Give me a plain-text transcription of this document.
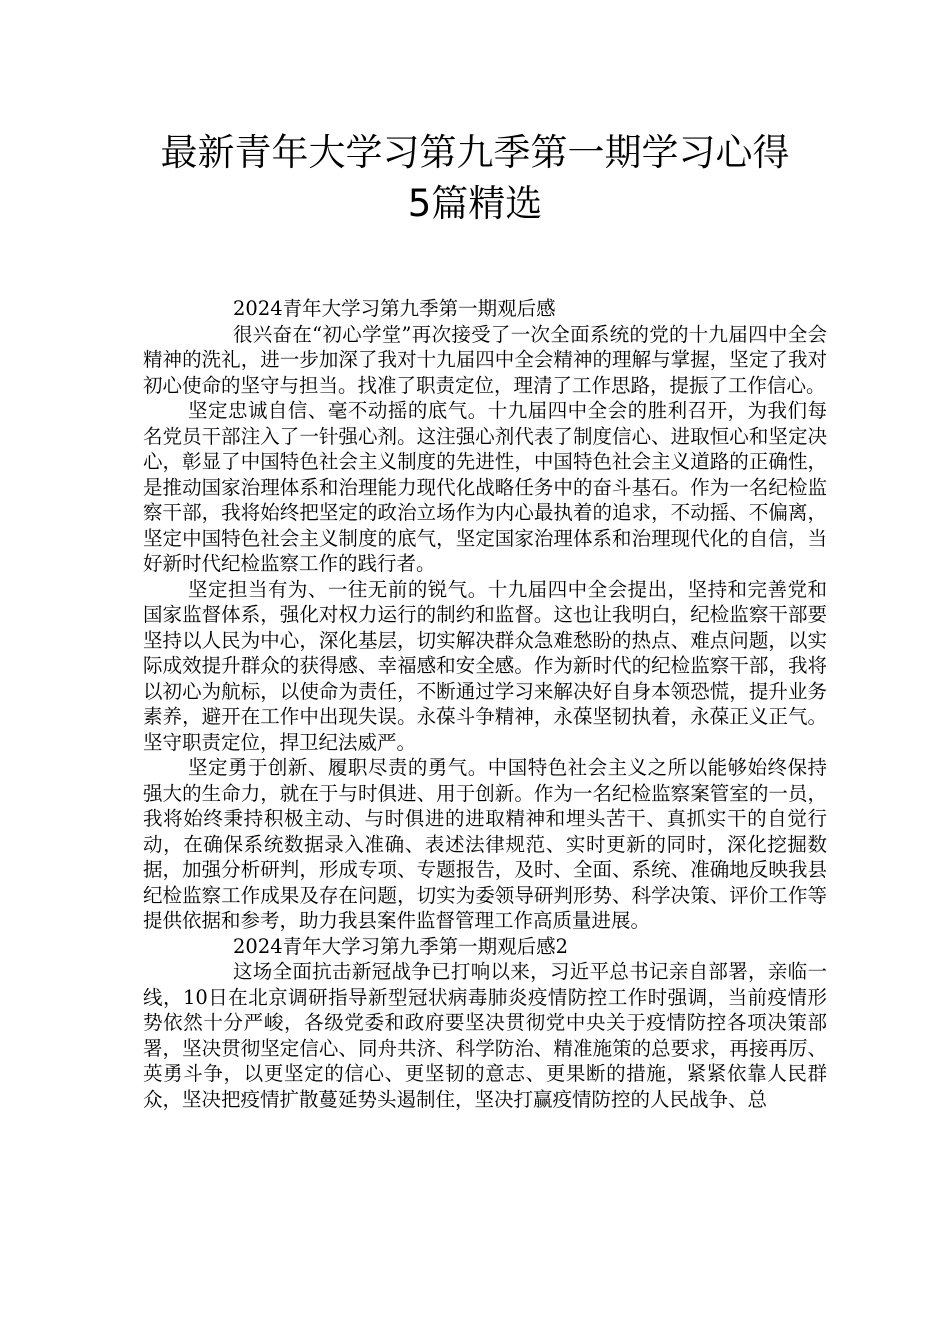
最新青年大学习第九季第一期学习心得
5篇精选

2024青年大学习第九季第一期观后感

很兴奋在“初心学堂”再次接受了一次全面系统的党的十九届四中全会精神的洗礼，进一步加深了我对十九届四中全会精神的理解与掌握，坚定了我对初心使命的坚守与担当。找准了职责定位，理清了工作思路，提振了工作信心。

坚定忠诚自信、毫不动摇的底气。十九届四中全会的胜利召开，为我们每名党员干部注入了一针强心剂。这注强心剂代表了制度信心、进取恒心和坚定决心，彰显了中国特色社会主义制度的先进性，中国特色社会主义道路的正确性，是推动国家治理体系和治理能力现代化战略任务中的奋斗基石。作为一名纪检监察干部，我将始终把坚定的政治立场作为内心最执着的追求，不动摇、不偏离，坚定中国特色社会主义制度的底气，坚定国家治理体系和治理现代化的自信，当好新时代纪检监察工作的践行者。

坚定担当有为、一往无前的锐气。十九届四中全会提出，坚持和完善党和国家监督体系，强化对权力运行的制约和监督。这也让我明白，纪检监察干部要坚持以人民为中心，深化基层，切实解决群众急难愁盼的热点、难点问题，以实际成效提升群众的获得感、幸福感和安全感。作为新时代的纪检监察干部，我将以初心为航标，以使命为责任，不断通过学习来解决好自身本领恐慌，提升业务素养，避开在工作中出现失误。永葆斗争精神，永葆坚韧执着，永葆正义正气。坚守职责定位，捍卫纪法威严。

坚定勇于创新、履职尽责的勇气。中国特色社会主义之所以能够始终保持强大的生命力，就在于与时俱进、用于创新。作为一名纪检监察案管室的一员，我将始终秉持积极主动、与时俱进的进取精神和埋头苦干、真抓实干的自觉行动，在确保系统数据录入准确、表述法律规范、实时更新的同时，深化挖掘数据，加强分析研判，形成专项、专题报告，及时、全面、系统、准确地反映我县纪检监察工作成果及存在问题，切实为委领导研判形势、科学决策、评价工作等提供依据和参考，助力我县案件监督管理工作高质量进展。

2024青年大学习第九季第一期观后感2

这场全面抗击新冠战争已打响以来，习近平总书记亲自部署，亲临一线，10日在北京调研指导新型冠状病毒肺炎疫情防控工作时强调，当前疫情形势依然十分严峻，各级党委和政府要坚决贯彻党中央关于疫情防控各项决策部署，坚决贯彻坚定信心、同舟共济、科学防治、精准施策的总要求，再接再厉、英勇斗争，以更坚定的信心、更坚韧的意志、更果断的措施，紧紧依靠人民群众，坚决把疫情扩散蔓延势头遏制住，坚决打赢疫情防控的人民战争、总
